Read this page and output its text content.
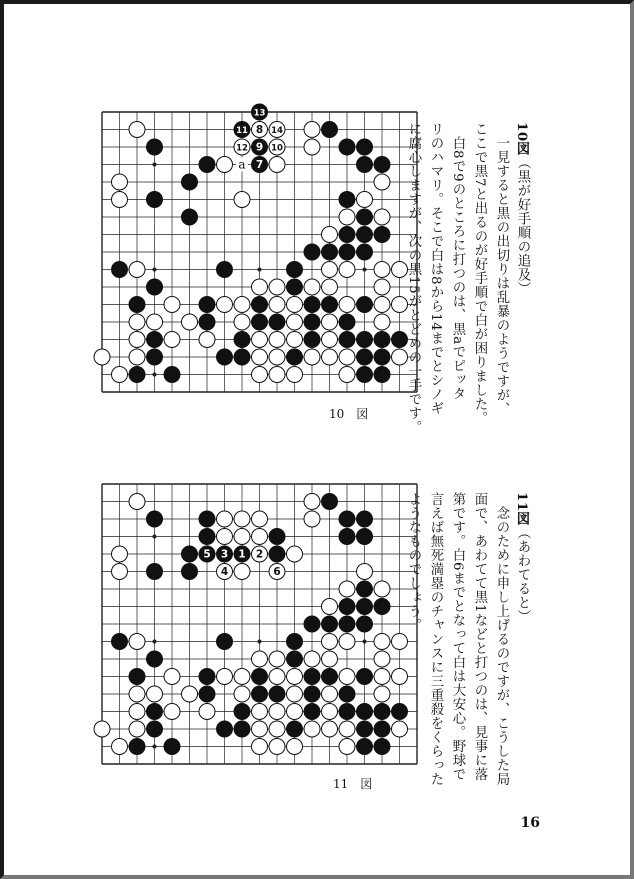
13
11 8 14
12 9 10
7
a
10　図
10図（黒が好手順の追及）
　一見すると黒の出切りは乱暴のようですが、
ここで黒7と出るのが好手順で白が困りました。
　白8で9のところに打つのは、黒aでピッタ
リのハマリ。そこで白は8から14までとシノギ
に腐心しますが、次の黒15がとどめの一手です。
5 3 1 2
4	6
11　図
11図（あわてると）
　念のために申し上げるのですが、こうした局
面で、あわてて黒1などと打つのは、見事に落
第です。白6までとなって白は大安心。野球で
言えば無死満塁のチャンスに三重殺をくらった
ようなものでしょう。
16
